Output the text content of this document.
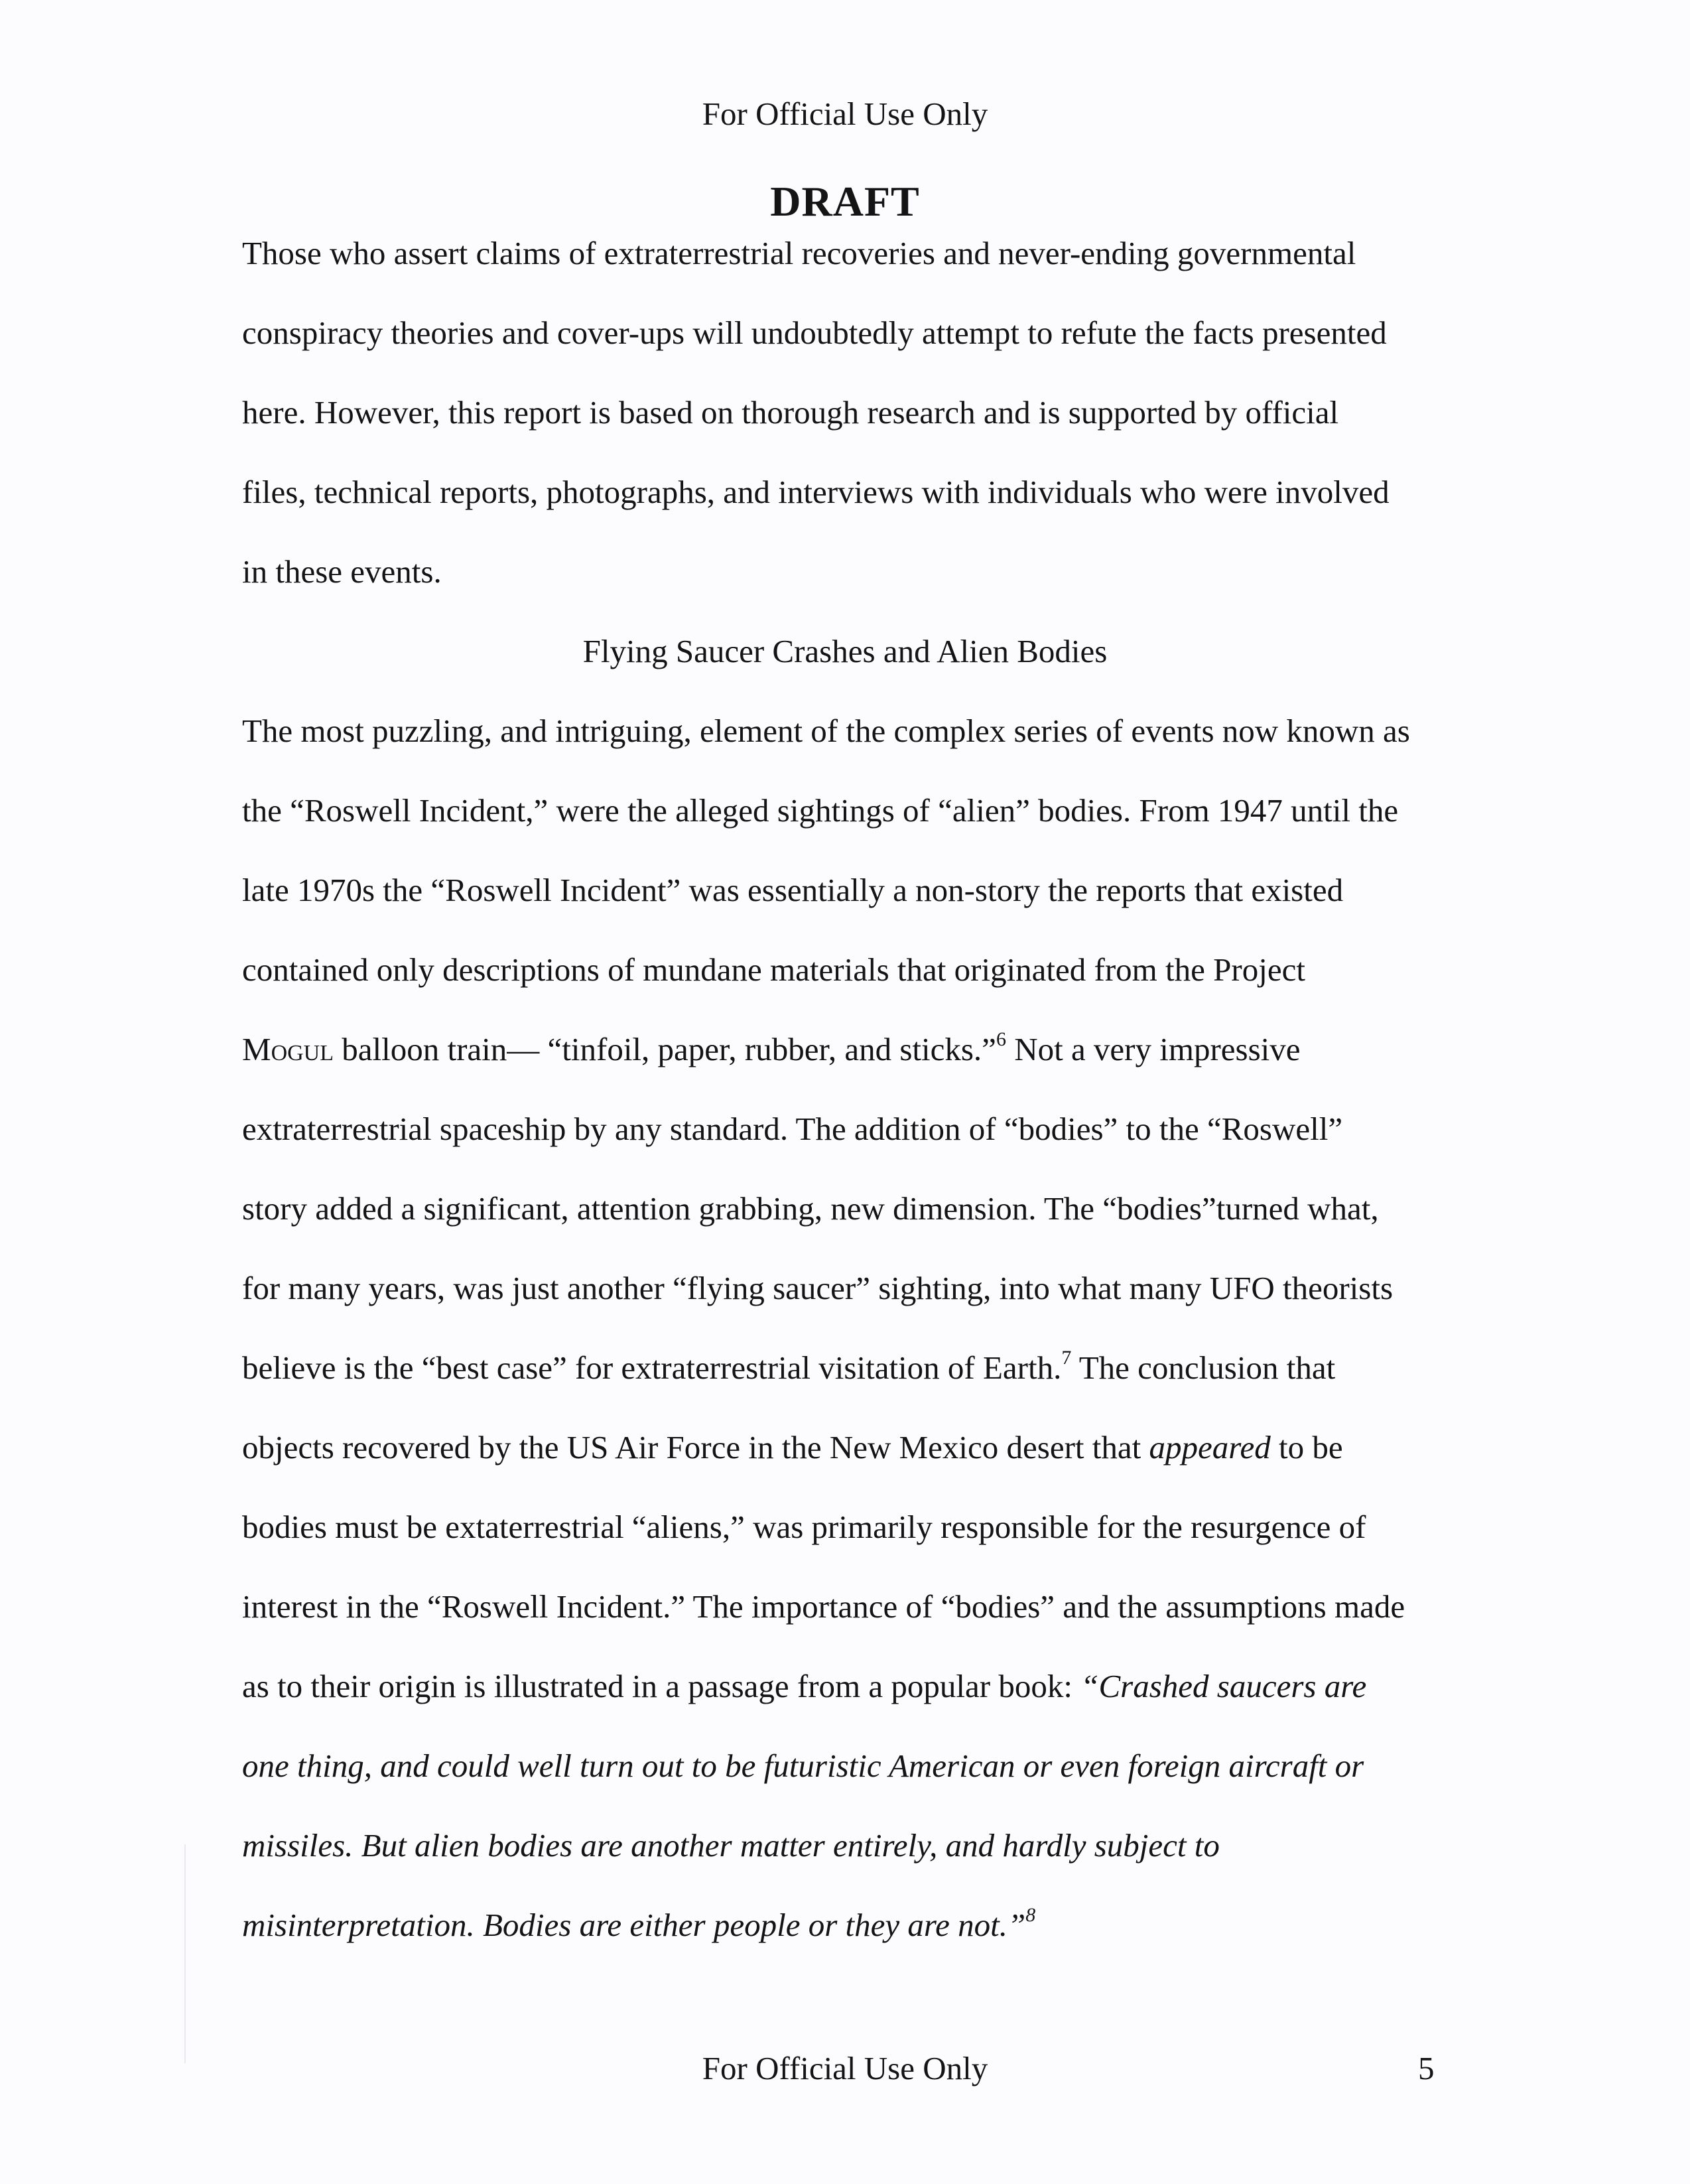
For Official Use Only
DRAFT
Those who assert claims of extraterrestrial recoveries and never-ending governmental
conspiracy theories and cover-ups will undoubtedly attempt to refute the facts presented
here. However, this report is based on thorough research and is supported by official
files, technical reports, photographs, and interviews with individuals who were involved
in these events.
Flying Saucer Crashes and Alien Bodies
The most puzzling, and intriguing, element of the complex series of events now known as
the “Roswell Incident,” were the alleged sightings of “alien” bodies. From 1947 until the
late 1970s the “Roswell Incident” was essentially a non-story the reports that existed
contained only descriptions of mundane materials that originated from the Project
Mogul balloon train— “tinfoil, paper, rubber, and sticks.”$^6$ Not a very impressive
extraterrestrial spaceship by any standard. The addition of “bodies” to the “Roswell”
story added a significant, attention grabbing, new dimension. The “bodies”turned what,
for many years, was just another “flying saucer” sighting, into what many UFO theorists
believe is the “best case” for extraterrestrial visitation of Earth.$^7$ The conclusion that
objects recovered by the US Air Force in the New Mexico desert that appeared to be
bodies must be extaterrestrial “aliens,” was primarily responsible for the resurgence of
interest in the “Roswell Incident.” The importance of “bodies” and the assumptions made
as to their origin is illustrated in a passage from a popular book: “Crashed saucers are
one thing, and could well turn out to be futuristic American or even foreign aircraft or
missiles. But alien bodies are another matter entirely, and hardly subject to
misinterpretation. Bodies are either people or they are not.”$^8$
For Official Use Only	5
